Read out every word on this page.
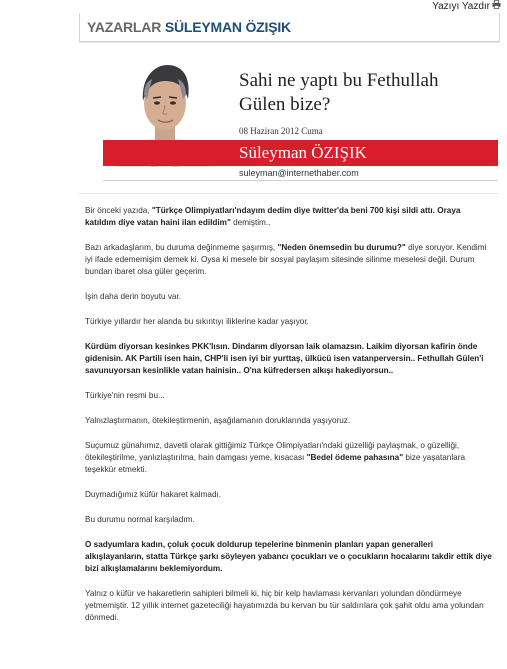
Yazıyı Yazdır
YAZARLAR SÜLEYMAN ÖZIŞIK
Sahi ne yaptı bu Fethullah Gülen bize?
08 Haziran 2012 Cuma
Süleyman ÖZIŞIK
suleyman@internethaber.com

Bir önceki yazıda, "Türkçe Olimpiyatları'ndayım dedim diye twitter'da beni 700 kişi sildi attı. Oraya katıldım diye vatan haini ilan edildim" demiştim..

Bazı arkadaşlarım, bu duruma değinmeme şaşırmış, "Neden önemsedin bu durumu?" diye soruyor. Kendimi iyi ifade edememişim demek ki. Oysa ki mesele bir sosyal paylaşım sitesinde silinme meselesi değil. Durum bundan ibaret olsa güler geçerim.

İşin daha derin boyutu var.

Türkiye yıllardır her alanda bu sıkıntıyı iliklerine kadar yaşıyor.

Kürdüm diyorsan kesinkes PKK'lısın. Dindarım diyorsan laik olamazsın. Laikim diyorsan kafirin önde gidenisin. AK Partili isen hain, CHP'li isen iyi bir yurttaş, ülkücü isen vatanperversin.. Fethullah Gülen'i savunuyorsan kesinlikle vatan hainisin.. O'na küfredersen alkışı hakediyorsun..

Türkiye'nin resmi bu...

Yalnızlaştırmanın, ötekileştirmenin, aşağılamanın doruklarında yaşıyoruz.

Suçumuz günahımız, davetli olarak gittiğimiz Türkçe Olimpiyatları'ndaki güzelliği paylaşmak, o güzelliği, ötekileştirilme, yanlızlaştırılma, hain damgası yeme, kısacası "Bedel ödeme pahasına" bize yaşatanlara teşekkür etmekti.

Duymadığımız küfür hakaret kalmadı.

Bu durumu normal karşıladım.

O sadyumlara kadın, çoluk çocuk doldurup tepelerine binmenin planları yapan generalleri alkışlayanların, statta Türkçe şarkı söyleyen yabancı çocukları ve o çocukların hocalarını takdir ettik diye bizi alkışlamalarını beklemiyordum.

Yalnız o küfür ve hakaretlerin sahipleri bilmeli ki, hiç bir kelp havlaması kervanları yolundan döndürmeye yetmemiştir. 12 yıllık internet gazeteciliği hayatımızda bu kervan bu tür saldırılara çok şahit oldu ama yolundan dönmedi.
